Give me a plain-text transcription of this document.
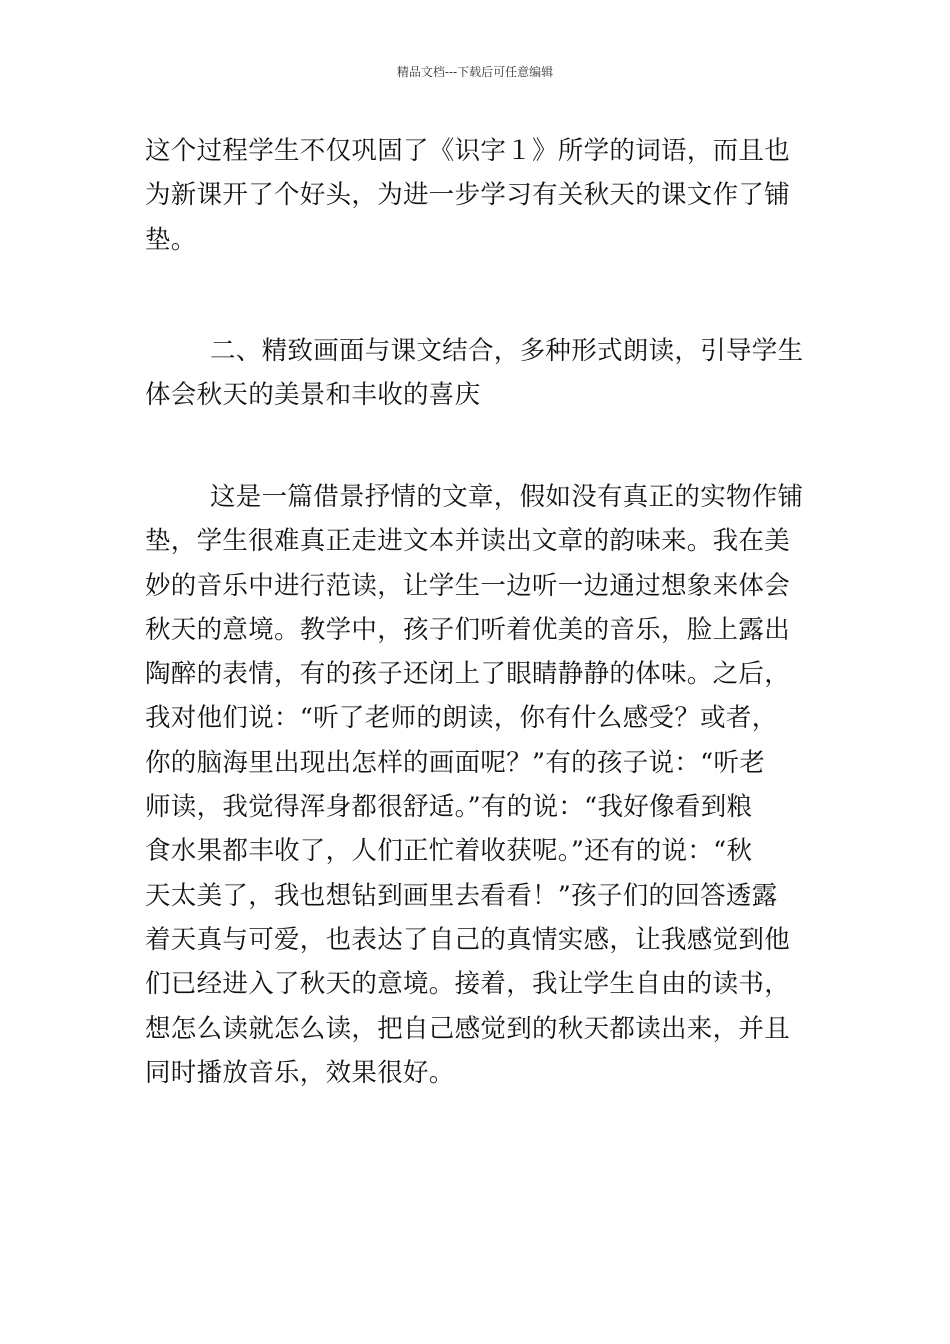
精品文档---下载后可任意编辑
这个过程学生不仅巩固了《识字１》所学的词语，而且也
为新课开了个好头，为进一步学习有关秋天的课文作了铺
垫。
二、精致画面与课文结合，多种形式朗读，引导学生
体会秋天的美景和丰收的喜庆
这是一篇借景抒情的文章，假如没有真正的实物作铺
垫，学生很难真正走进文本并读出文章的韵味来。我在美
妙的音乐中进行范读，让学生一边听一边通过想象来体会
秋天的意境。教学中，孩子们听着优美的音乐，脸上露出
陶醉的表情，有的孩子还闭上了眼睛静静的体味。之后，
我对他们说：“听了老师的朗读，你有什么感受？或者，
你的脑海里出现出怎样的画面呢？”有的孩子说：“听老
师读，我觉得浑身都很舒适。”有的说：“我好像看到粮
食水果都丰收了，人们正忙着收获呢。”还有的说：“秋
天太美了，我也想钻到画里去看看！”孩子们的回答透露
着天真与可爱，也表达了自己的真情实感，让我感觉到他
们已经进入了秋天的意境。接着，我让学生自由的读书，
想怎么读就怎么读，把自己感觉到的秋天都读出来，并且
同时播放音乐，效果很好。
